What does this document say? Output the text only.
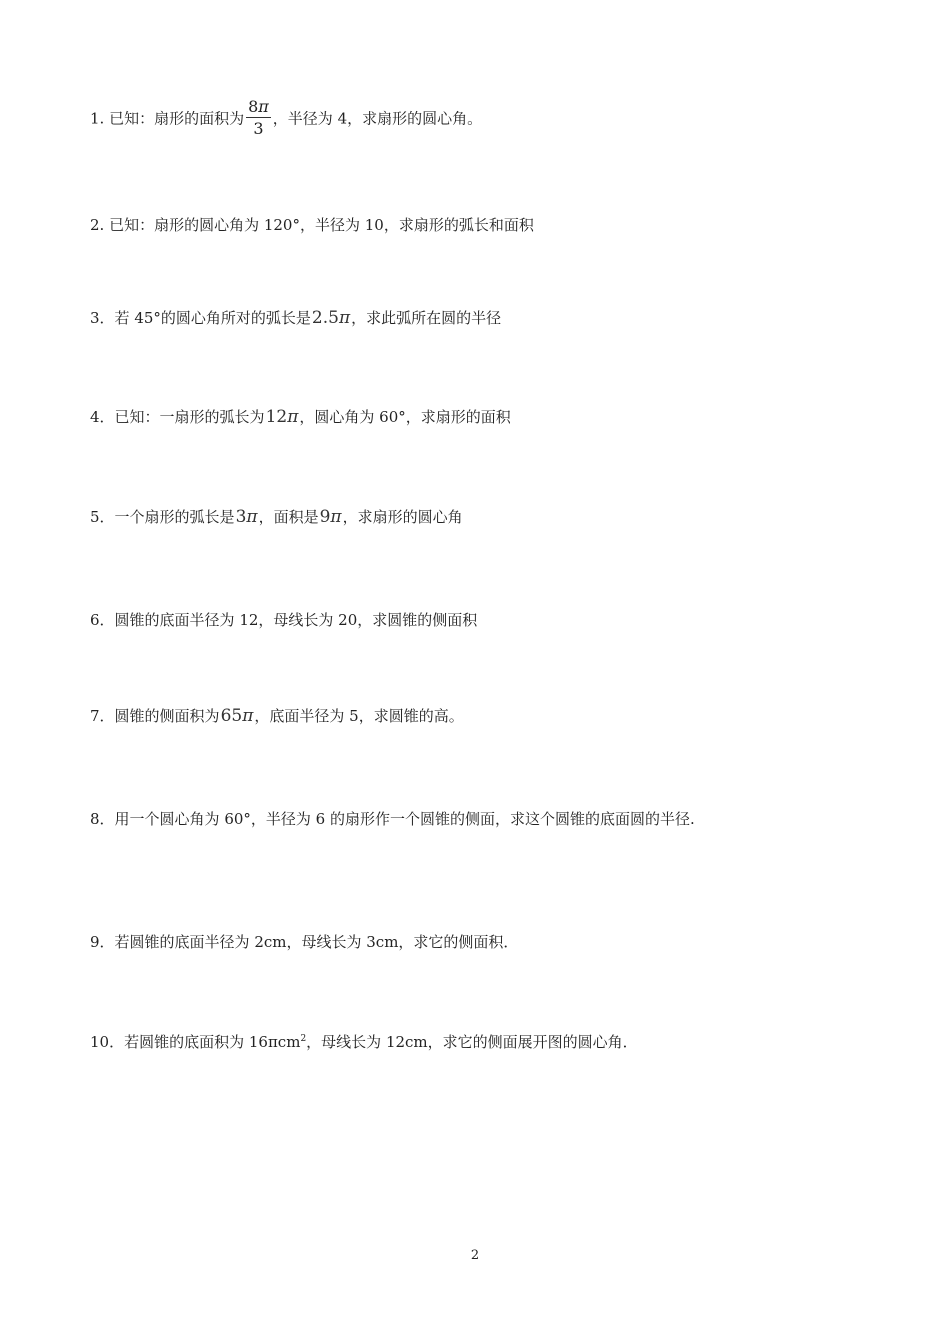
1. 已知：扇形的面积为 $\frac{8\pi}{3}$ ，半径为 4，求扇形的圆心角。
2. 已知：扇形的圆心角为 120°，半径为 10，求扇形的弧长和面积
3．若 45°的圆心角所对的弧长是2.5π，求此弧所在圆的半径
4．已知：一扇形的弧长为12π，圆心角为 60°，求扇形的面积
5．一个扇形的弧长是3π，面积是9π，求扇形的圆心角
6．圆锥的底面半径为 12，母线长为 20，求圆锥的侧面积
7．圆锥的侧面积为65π，底面半径为 5，求圆锥的高。
8．用一个圆心角为 60°，半径为 6 的扇形作一个圆锥的侧面，求这个圆锥的底面圆的半径.
9．若圆锥的底面半径为 2cm，母线长为 3cm，求它的侧面积．
10．若圆锥的底面积为 16πcm$^2$，母线长为 12cm，求它的侧面展开图的圆心角．
2
